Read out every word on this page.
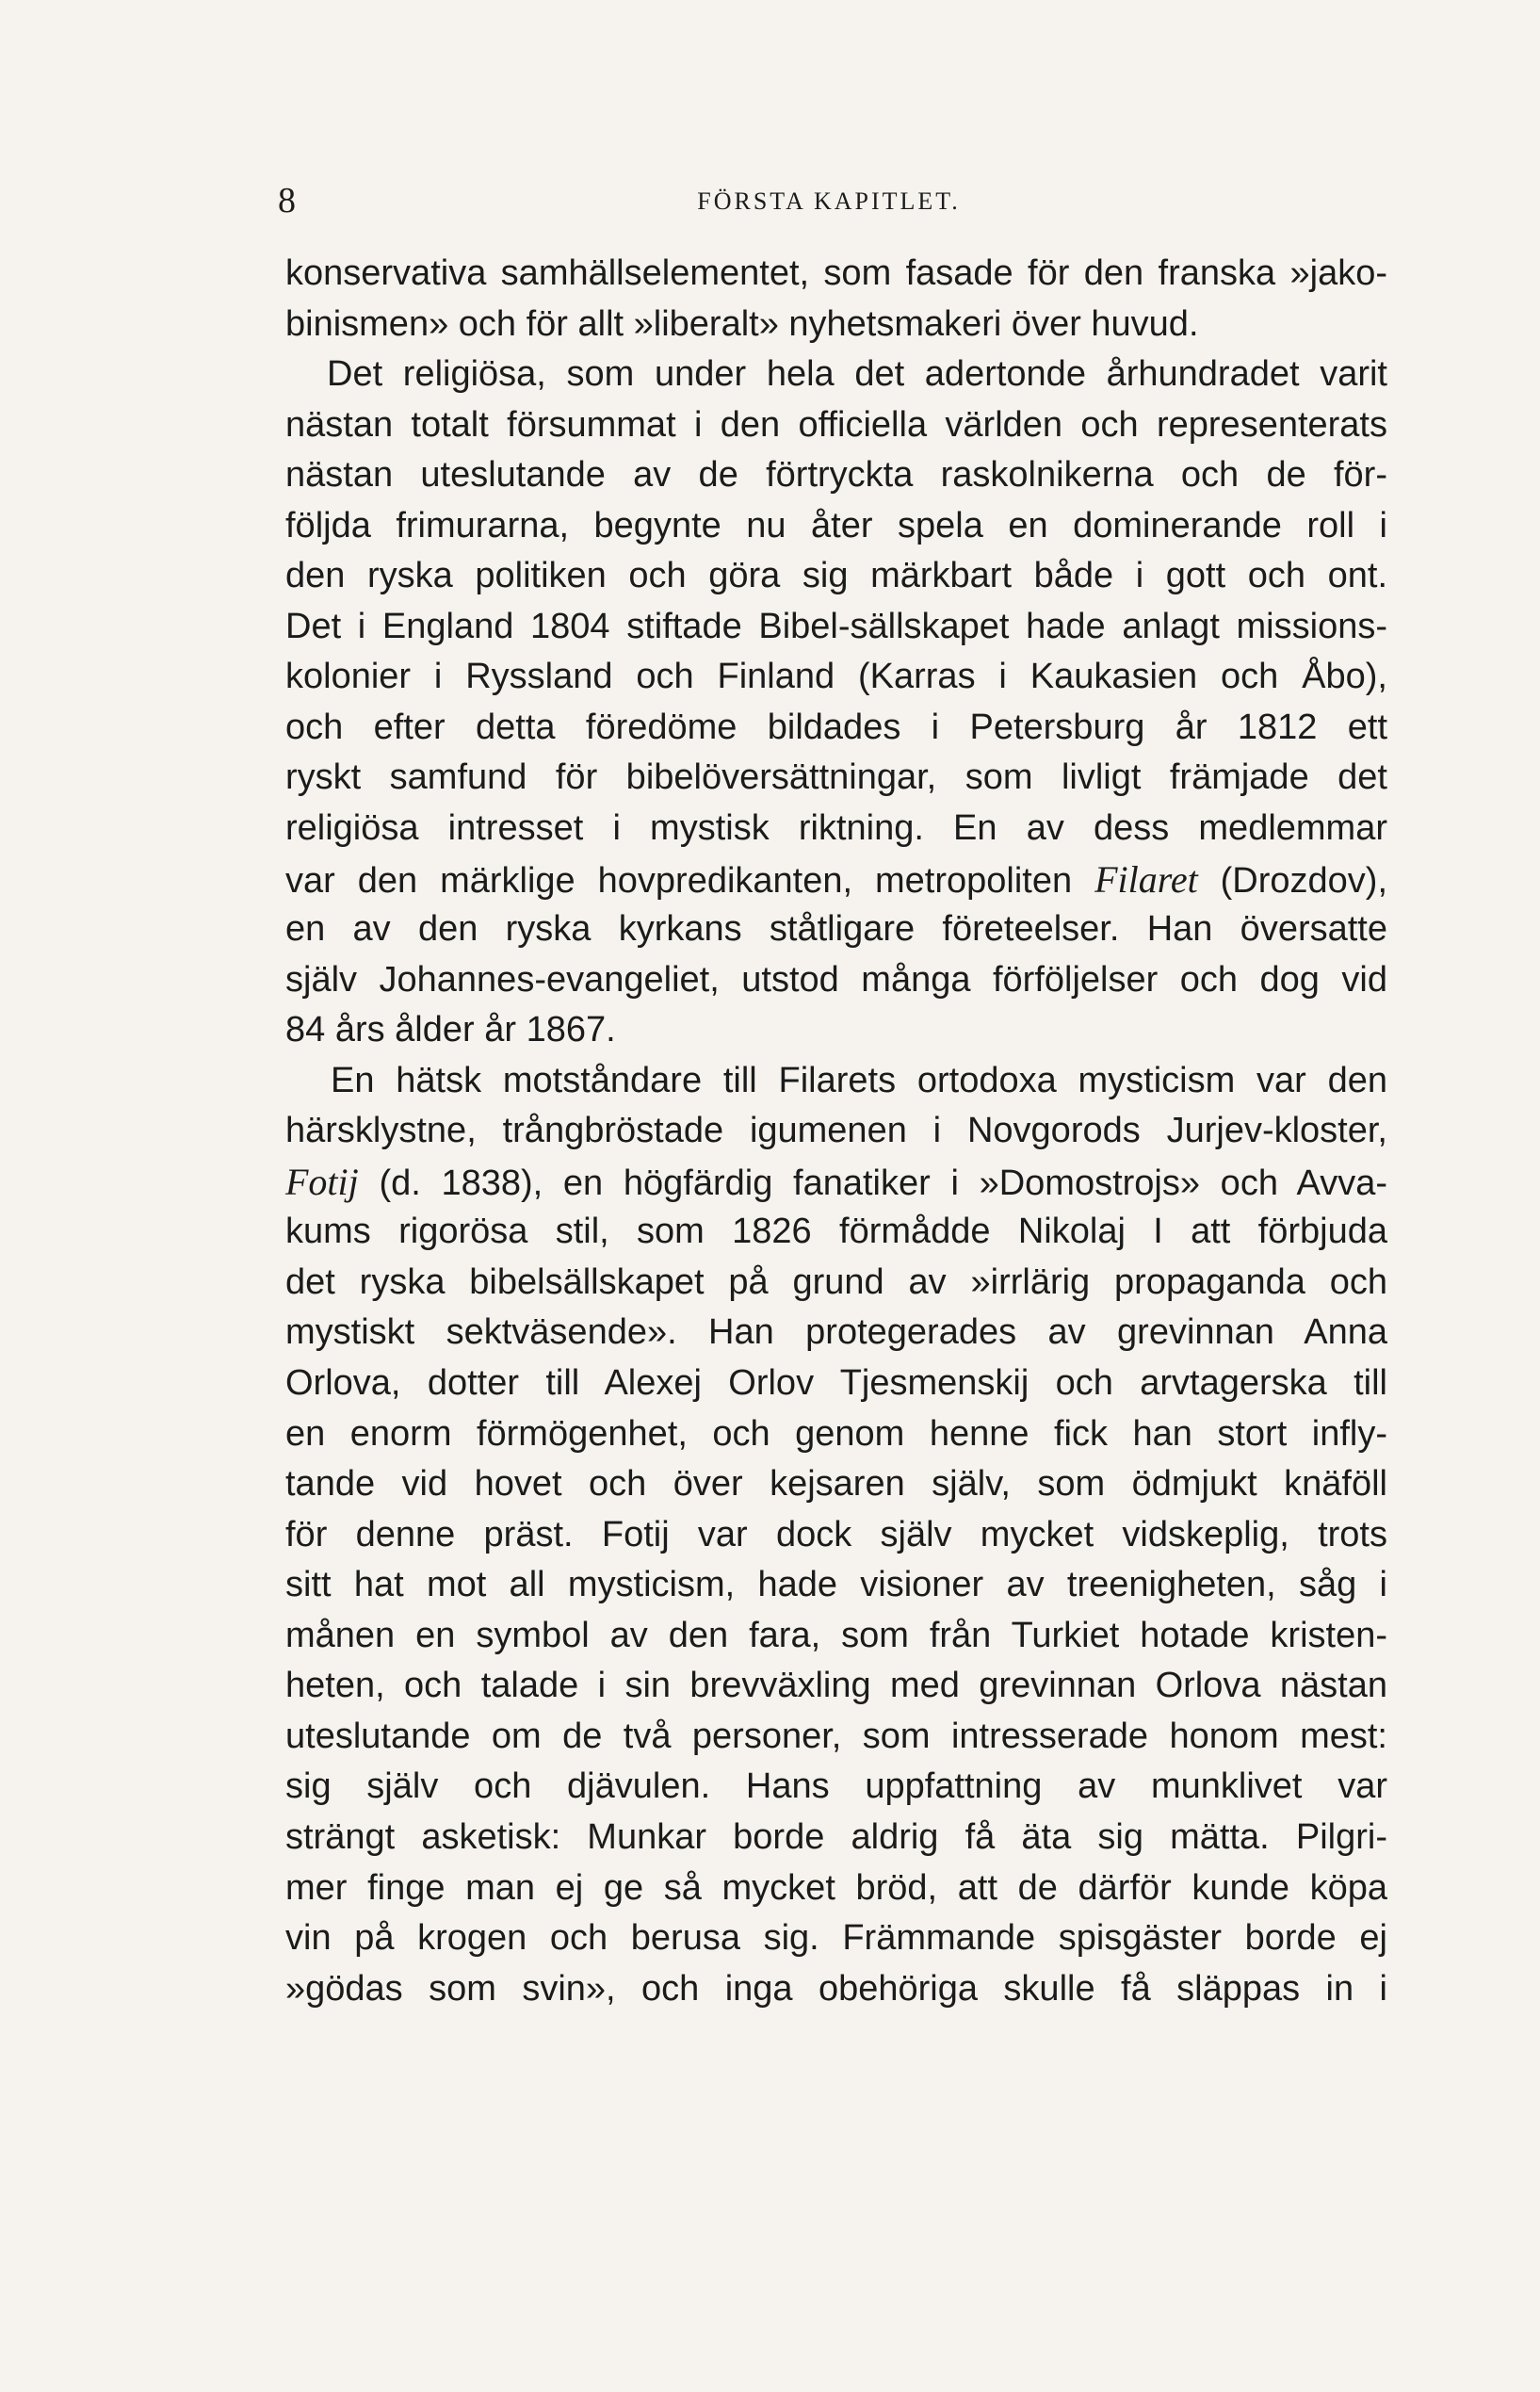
8	FÖRSTA KAPITLET.
konservativa samhällselementet, som fasade för den franska »jako-
binismen» och för allt »liberalt» nyhetsmakeri över huvud.
Det religiösa, som under hela det adertonde århundradet varit
nästan totalt försummat i den officiella världen och representerats
nästan uteslutande av de förtryckta raskolnikerna och de för-
följda frimurarna, begynte nu åter spela en dominerande roll i
den ryska politiken och göra sig märkbart både i gott och ont.
Det i England 1804 stiftade Bibel-sällskapet hade anlagt missions-
kolonier i Ryssland och Finland (Karras i Kaukasien och Åbo),
och efter detta föredöme bildades i Petersburg år 1812 ett
ryskt samfund för bibelöversättningar, som livligt främjade det
religiösa intresset i mystisk riktning. En av dess medlemmar
var den märklige hovpredikanten, metropoliten Filaret (Drozdov),
en av den ryska kyrkans ståtligare företeelser. Han översatte
själv Johannes-evangeliet, utstod många förföljelser och dog vid
84 års ålder år 1867.
En hätsk motståndare till Filarets ortodoxa mysticism var den
härsklystne, trångbröstade igumenen i Novgorods Jurjev-kloster,
Fotij (d. 1838), en högfärdig fanatiker i »Domostrojs» och Avva-
kums rigorösa stil, som 1826 förmådde Nikolaj I att förbjuda
det ryska bibelsällskapet på grund av »irrlärig propaganda och
mystiskt sektväsende». Han protegerades av grevinnan Anna
Orlova, dotter till Alexej Orlov Tjesmenskij och arvtagerska till
en enorm förmögenhet, och genom henne fick han stort infly-
tande vid hovet och över kejsaren själv, som ödmjukt knäföll
för denne präst. Fotij var dock själv mycket vidskeplig, trots
sitt hat mot all mysticism, hade visioner av treenigheten, såg i
månen en symbol av den fara, som från Turkiet hotade kristen-
heten, och talade i sin brevväxling med grevinnan Orlova nästan
uteslutande om de två personer, som intresserade honom mest:
sig själv och djävulen. Hans uppfattning av munklivet var
strängt asketisk: Munkar borde aldrig få äta sig mätta. Pilgri-
mer finge man ej ge så mycket bröd, att de därför kunde köpa
vin på krogen och berusa sig. Främmande spisgäster borde ej
»gödas som svin», och inga obehöriga skulle få släppas in i
